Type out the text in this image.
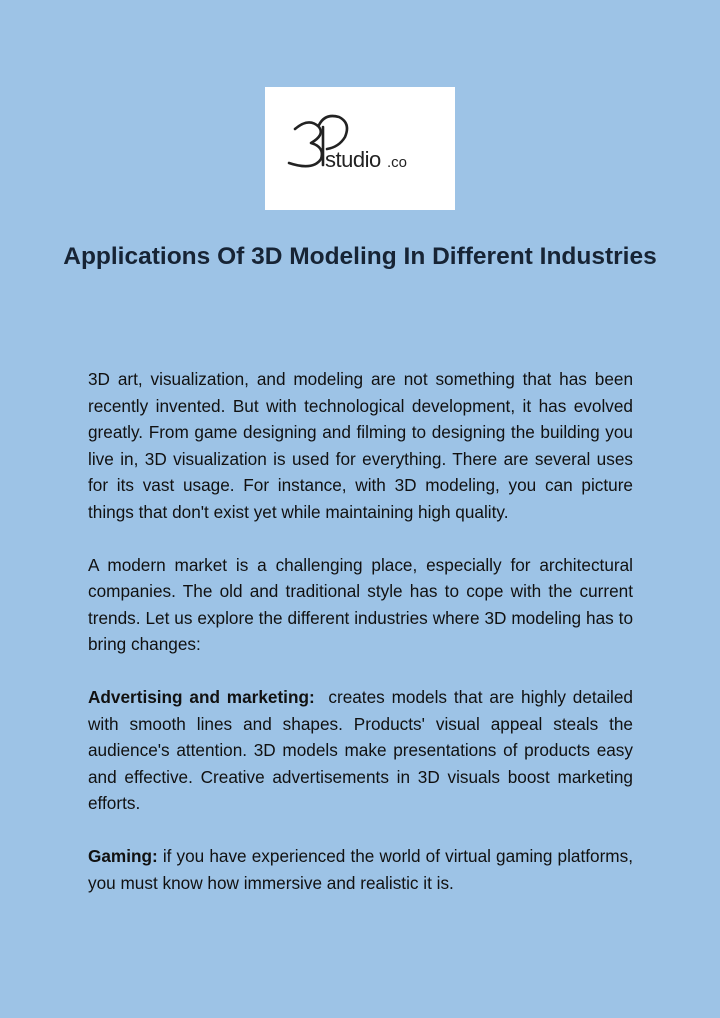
studio .co
Applications Of 3D Modeling In Different Industries

3D art, visualization, and modeling are not something that has been recently invented. But with technological development, it has evolved greatly. From game designing and filming to designing the building you live in, 3D visualization is used for everything. There are several uses for its vast usage. For instance, with 3D modeling, you can picture things that don't exist yet while maintaining high quality.

A modern market is a challenging place, especially for architectural companies. The old and traditional style has to cope with the current trends. Let us explore the different industries where 3D modeling has to bring changes:

Advertising and marketing: creates models that are highly detailed with smooth lines and shapes. Products' visual appeal steals the audience's attention. 3D models make presentations of products easy and effective. Creative advertisements in 3D visuals boost marketing efforts.

Gaming: if you have experienced the world of virtual gaming platforms, you must know how immersive and realistic it is.
